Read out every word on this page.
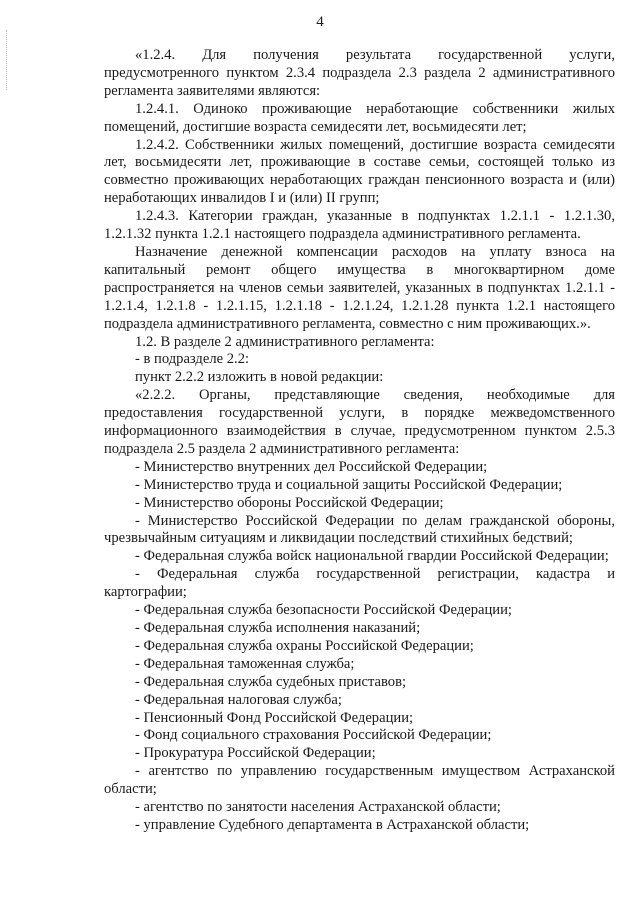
4

«1.2.4. Для получения результата государственной услуги, предусмотренного пунктом 2.3.4 подраздела 2.3 раздела 2 административного регламента заявителями являются:

1.2.4.1. Одиноко проживающие неработающие собственники жилых помещений, достигшие возраста семидесяти лет, восьмидесяти лет;

1.2.4.2. Собственники жилых помещений, достигшие возраста семидесяти лет, восьмидесяти лет, проживающие в составе семьи, состоящей только из совместно проживающих неработающих граждан пенсионного возраста и (или) неработающих инвалидов I и (или) II групп;

1.2.4.3. Категории граждан, указанные в подпунктах 1.2.1.1 - 1.2.1.30, 1.2.1.32 пункта 1.2.1 настоящего подраздела административного регламента.

Назначение денежной компенсации расходов на уплату взноса на капитальный ремонт общего имущества в многоквартирном доме распространяется на членов семьи заявителей, указанных в подпунктах 1.2.1.1 - 1.2.1.4, 1.2.1.8 - 1.2.1.15, 1.2.1.18 - 1.2.1.24, 1.2.1.28 пункта 1.2.1 настоящего подраздела административного регламента, совместно с ним проживающих.».

1.2. В разделе 2 административного регламента:

- в подразделе 2.2:

пункт 2.2.2 изложить в новой редакции:

«2.2.2. Органы, представляющие сведения, необходимые для предоставления государственной услуги, в порядке межведомственного информационного взаимодействия в случае, предусмотренном пунктом 2.5.3 подраздела 2.5 раздела 2 административного регламента:

- Министерство внутренних дел Российской Федерации;

- Министерство труда и социальной защиты Российской Федерации;

- Министерство обороны Российской Федерации;

- Министерство Российской Федерации по делам гражданской обороны, чрезвычайным ситуациям и ликвидации последствий стихийных бедствий;

- Федеральная служба войск национальной гвардии Российской Федерации;

- Федеральная служба государственной регистрации, кадастра и картографии;

- Федеральная служба безопасности Российской Федерации;

- Федеральная служба исполнения наказаний;

- Федеральная служба охраны Российской Федерации;

- Федеральная таможенная служба;

- Федеральная служба судебных приставов;

- Федеральная налоговая служба;

- Пенсионный Фонд Российской Федерации;

- Фонд социального страхования Российской Федерации;

- Прокуратура Российской Федерации;

- агентство по управлению государственным имуществом Астраханской области;

- агентство по занятости населения Астраханской области;

- управление Судебного департамента в Астраханской области;
